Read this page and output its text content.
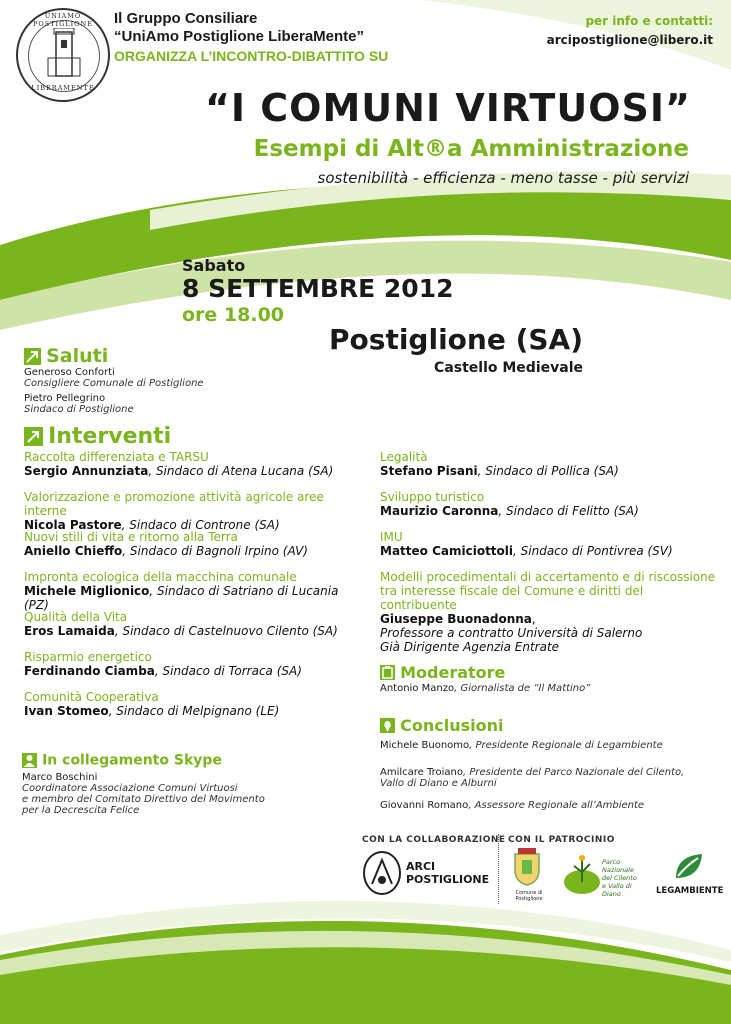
UNIAMO POSTIGLIONE
LIBERAMENTE
Il Gruppo Consiliare
“UniAmo Postiglione LiberaMente”
ORGANIZZA L’INCONTRO-DIBATTITO SU
per info e contatti:
arcipostiglione@libero.it
“I COMUNI VIRTUOSI”
Esempi di Alt®a Amministrazione
sostenibilità - efficienza - meno tasse - più servizi
Sabato
8 SETTEMBRE 2012
ore 18.00
Postiglione (SA)
Castello Medievale
Saluti
Generoso Conforti
Consigliere Comunale di Postiglione
Pietro Pellegrino
Sindaco di Postiglione
Interventi
Raccolta differenziata e TARSU
Sergio Annunziata, Sindaco di Atena Lucana (SA)
Valorizzazione e promozione attività agricole aree interne
Nicola Pastore, Sindaco di Controne (SA)
Nuovi stili di vita e ritorno alla Terra
Aniello Chieffo, Sindaco di Bagnoli Irpino (AV)
Impronta ecologica della macchina comunale
Michele Miglionico, Sindaco di Satriano di Lucania (PZ)
Qualità della Vita
Eros Lamaida, Sindaco di Castelnuovo Cilento (SA)
Risparmio energetico
Ferdinando Ciamba, Sindaco di Torraca (SA)
Comunità Cooperativa
Ivan Stomeo, Sindaco di Melpignano (LE)
Legalità
Stefano Pisani, Sindaco di Pollica (SA)
Sviluppo turistico
Maurizio Caronna, Sindaco di Felitto (SA)
IMU
Matteo Camiciottoli, Sindaco di Pontivrea (SV)
Modelli procedimentali di accertamento e di riscossione
tra interesse fiscale del Comune e diritti del contribuente
Giuseppe Buonadonna,
Professore a contratto Università di Salerno
Già Dirigente Agenzia Entrate
Moderatore
Antonio Manzo, Giornalista de “Il Mattino”
Conclusioni
Michele Buonomo, Presidente Regionale di Legambiente
Amilcare Troiano, Presidente del Parco Nazionale del Cilento,
Vallo di Diano e Alburni
Giovanni Romano, Assessore Regionale all’Ambiente
In collegamento Skype
Marco Boschini
Coordinatore Associazione Comuni Virtuosi
e membro del Comitato Direttivo del Movimento
per la Decrescita Felice
CON LA COLLABORAZIONE CON IL PATROCINIO
ARCI
POSTIGLIONE
Comune di
Postiglione
Parco Nazionale
del Cilento
e Vallo di Diano	LEGAMBIENTE
